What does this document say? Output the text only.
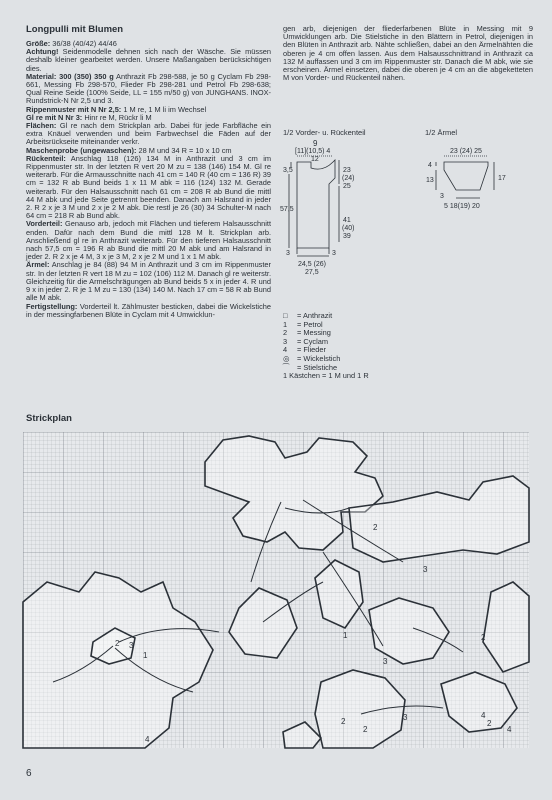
Longpulli mit Blumen

Größe: 36/38 (40/42) 44/46

Achtung! Seidenmodelle dehnen sich nach der Wäsche. Sie müssen deshalb kleiner gearbeitet werden. Unsere Maßangaben berücksichtigen dies.

Material: 300 (350) 350 g Anthrazit Fb 298-588, je 50 g Cyclam Fb 298-661, Messing Fb 298-570, Flieder Fb 298-281 und Petrol Fb 298-638; Qual Reine Seide (100% Seide, LL = 155 m/50 g) von JUNGHANS. INOX-Rundstrick-N Nr 2,5 und 3.

Rippenmuster mit N Nr 2,5: 1 M re, 1 M li im Wechsel

Gl re mit N Nr 3: Hinr re M, Rückr li M

Flächen: Gl re nach dem Strickplan arb. Dabei für jede Farbfläche ein extra Knäuel verwenden und beim Farbwechsel die Fäden auf der Arbeitsrückseite miteinander verkr.

Maschenprobe (ungewaschen): 28 M und 34 R = 10 x 10 cm

Rückenteil: Anschlag 118 (126) 134 M in Anthrazit und 3 cm im Rippenmuster str. In der letzten R vert 20 M zu = 138 (146) 154 M. Gl re weiterarb. Für die Armausschnitte nach 41 cm = 140 R (40 cm = 136 R) 39 cm = 132 R ab Bund beids 1 x 11 M abk = 116 (124) 132 M. Gerade weiterarb. Für den Halsausschnitt nach 61 cm = 208 R ab Bund die mittl 44 M abk und jede Seite getrennt beenden. Danach am Halsrand in jeder 2. R 2 x je 3 M und 2 x je 2 M abk. Die restl je 26 (30) 34 Schulter-M nach 64 cm = 218 R ab Bund abk.

Vorderteil: Genauso arb, jedoch mit Flächen und tieferem Halsausschnitt enden. Dafür nach dem Bund die mittl 128 M lt. Strickplan arb. Anschließend gl re in Anthrazit weiterarb. Für den tieferen Halsausschnitt nach 57,5 cm = 196 R ab Bund die mittl 20 M abk und am Halsrand in jeder 2. R 2 x je 4 M, 3 x je 3 M, 2 x je 2 M und 1 x 1 M abk.

Ärmel: Anschlag je 84 (88) 94 M in Anthrazit und 3 cm im Rippenmuster str. In der letzten R vert 18 M zu = 102 (106) 112 M. Danach gl re weiterstr. Gleichzeitig für die Armelschrägungen ab Bund beids 5 x in jeder 4. R und 9 x in jeder 2. R je 1 M zu = 130 (134) 140 M. Nach 17 cm = 58 R ab Bund alle M abk.

Fertigstellung: Vorderteil lt. Zählmuster besticken, dabei die Wickelstiche in der messingfarbenen Blüte in Cyclam mit 4 Umwicklun-

gen arb, diejenigen der fliederfarbenen Blüte in Messing mit 9 Umwicklungen arb. Die Stielstiche in den Blättern in Petrol, diejenigen in den Blüten in Anthrazit arb. Nähte schließen, dabei an den Ärmelnähten die oberen je 4 cm offen lassen. Aus dem Halsausschnittrand in Anthrazit ca 132 M auffassen und 3 cm im Rippenmuster str. Danach die M abk, wie sie erscheinen. Ärmel einsetzen, dabei die oberen je 4 cm an die abgeketteten M von Vorder- und Rückenteil nähen.

1/2 Vorder- u. Rückenteil
9
[11](10,5) 4
12
3,5	23
(24)
25
57,5
41
(40)
39
3	3
24,5 (26)
27,5
1/2 Ärmel
23 (24) 25
4
13	17
3
5 18(19) 20
□	= Anthrazit
1	= Petrol
2	= Messing
3	= Cyclam
4	= Flieder
◎	= Wickelstich
⁀	= Stielstiche
1 Kästchen = 1 M und 1 R
Strickplan
1
1
2
2
2
2
2
2
3
3
3
3
4
4
4
6
